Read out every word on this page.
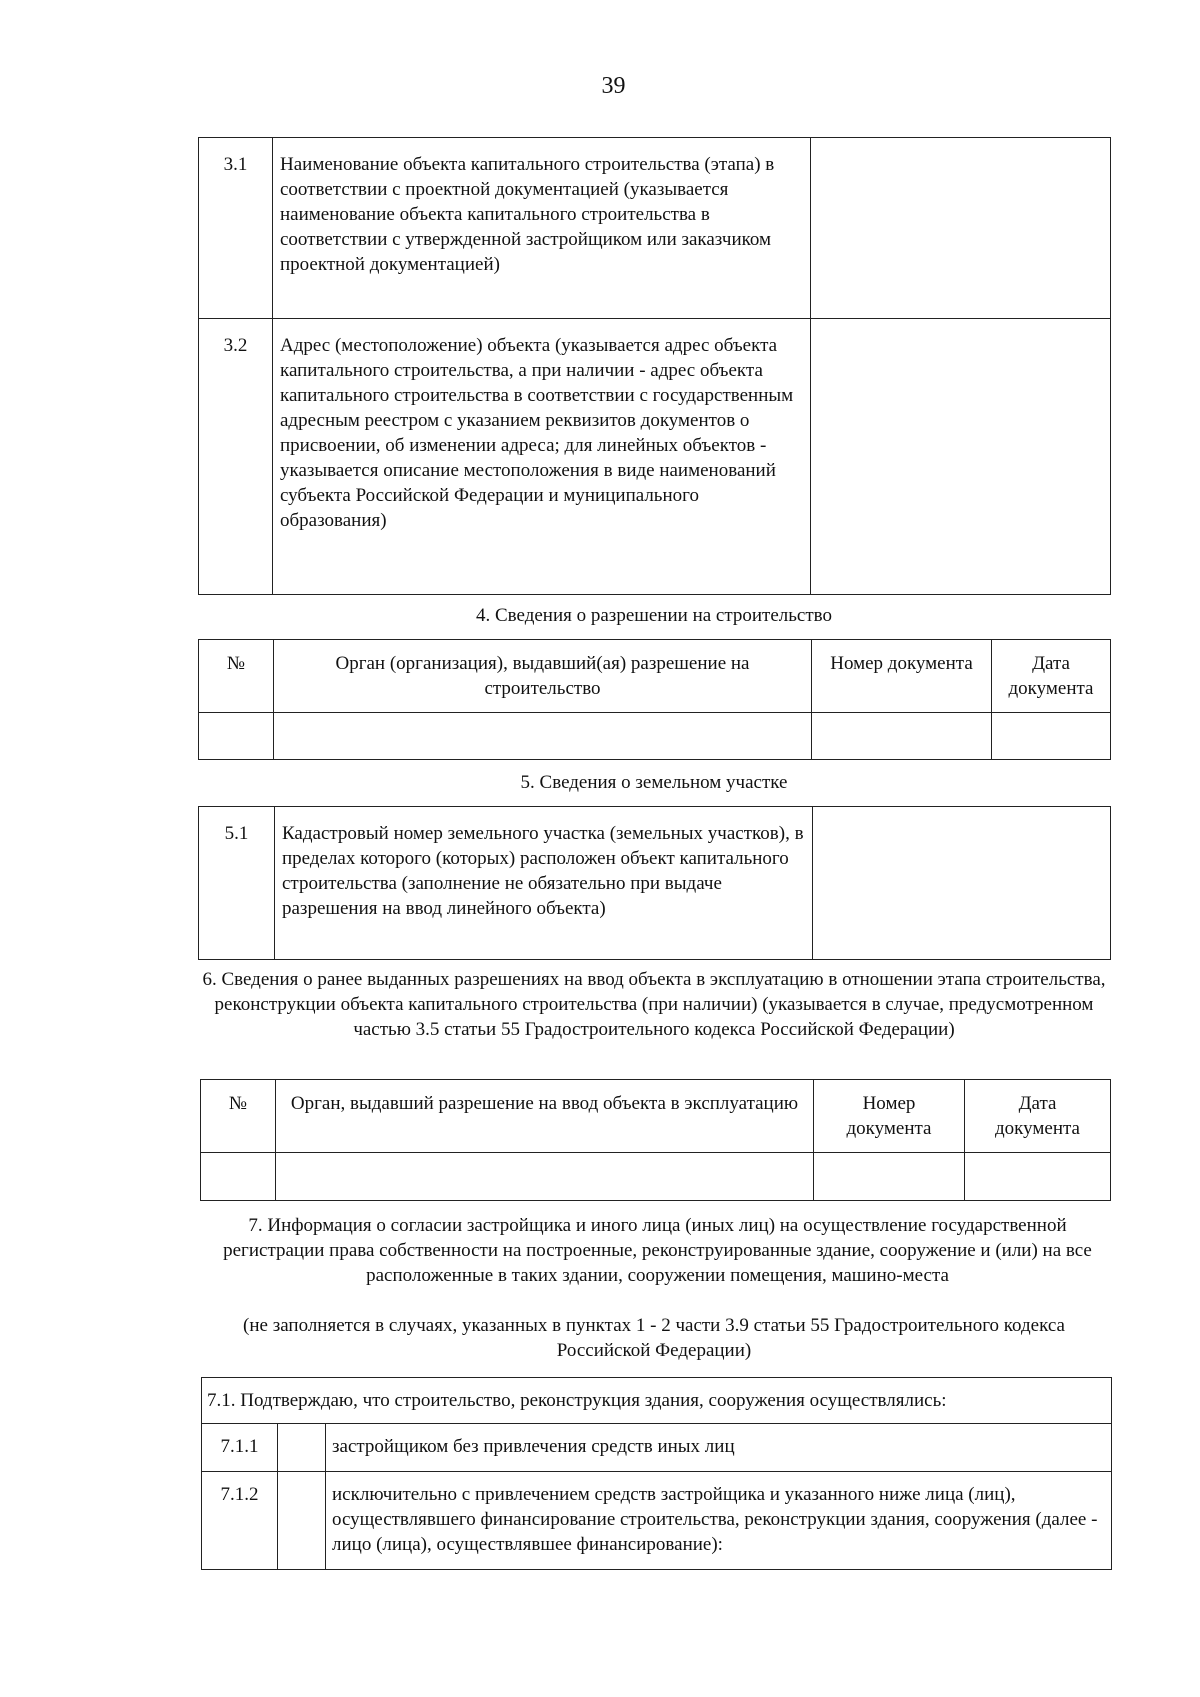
39
3.1	Наименование объекта капитального строительства (этапа) в соответствии с проектной документацией (указывается наименование объекта капитального строительства в соответствии с утвержденной застройщиком или заказчиком проектной документацией)	
3.2	Адрес (местоположение) объекта (указывается адрес объекта капитального строительства, а при наличии - адрес объекта капитального строительства в соответствии с государственным адресным реестром с указанием реквизитов документов о присвоении, об изменении адреса; для линейных объектов - указывается описание местоположения в виде наименований субъекта Российской Федерации и муниципального образования)	
4. Сведения о разрешении на строительство
№	Орган (организация), выдавший(ая) разрешение на строительство	Номер документа	Дата документа

5. Сведения о земельном участке
5.1	Кадастровый номер земельного участка (земельных участков), в пределах которого (которых) расположен объект капитального строительства (заполнение не обязательно при выдаче разрешения на ввод линейного объекта)	
6. Сведения о ранее выданных разрешениях на ввод объекта в эксплуатацию в отношении этапа строительства, реконструкции объекта капитального строительства (при наличии) (указывается в случае, предусмотренном частью 3.5 статьи 55 Градостроительного кодекса Российской Федерации)
№	Орган, выдавший разрешение на ввод объекта в эксплуатацию	Номер документа	Дата документа

7. Информация о согласии застройщика и иного лица (иных лиц) на осуществление государственной регистрации права собственности на построенные, реконструированные здание, сооружение и (или) на все расположенные в таких здании, сооружении помещения, машино-места
(не заполняется в случаях, указанных в пунктах 1 - 2 части 3.9 статьи 55 Градостроительного кодекса Российской Федерации)
7.1. Подтверждаю, что строительство, реконструкция здания, сооружения осуществлялись:		
7.1.1		застройщиком без привлечения средств иных лиц
7.1.2		исключительно с привлечением средств застройщика и указанного ниже лица (лиц), осуществлявшего финансирование строительства, реконструкции здания, сооружения (далее - лицо (лица), осуществлявшее финансирование):
